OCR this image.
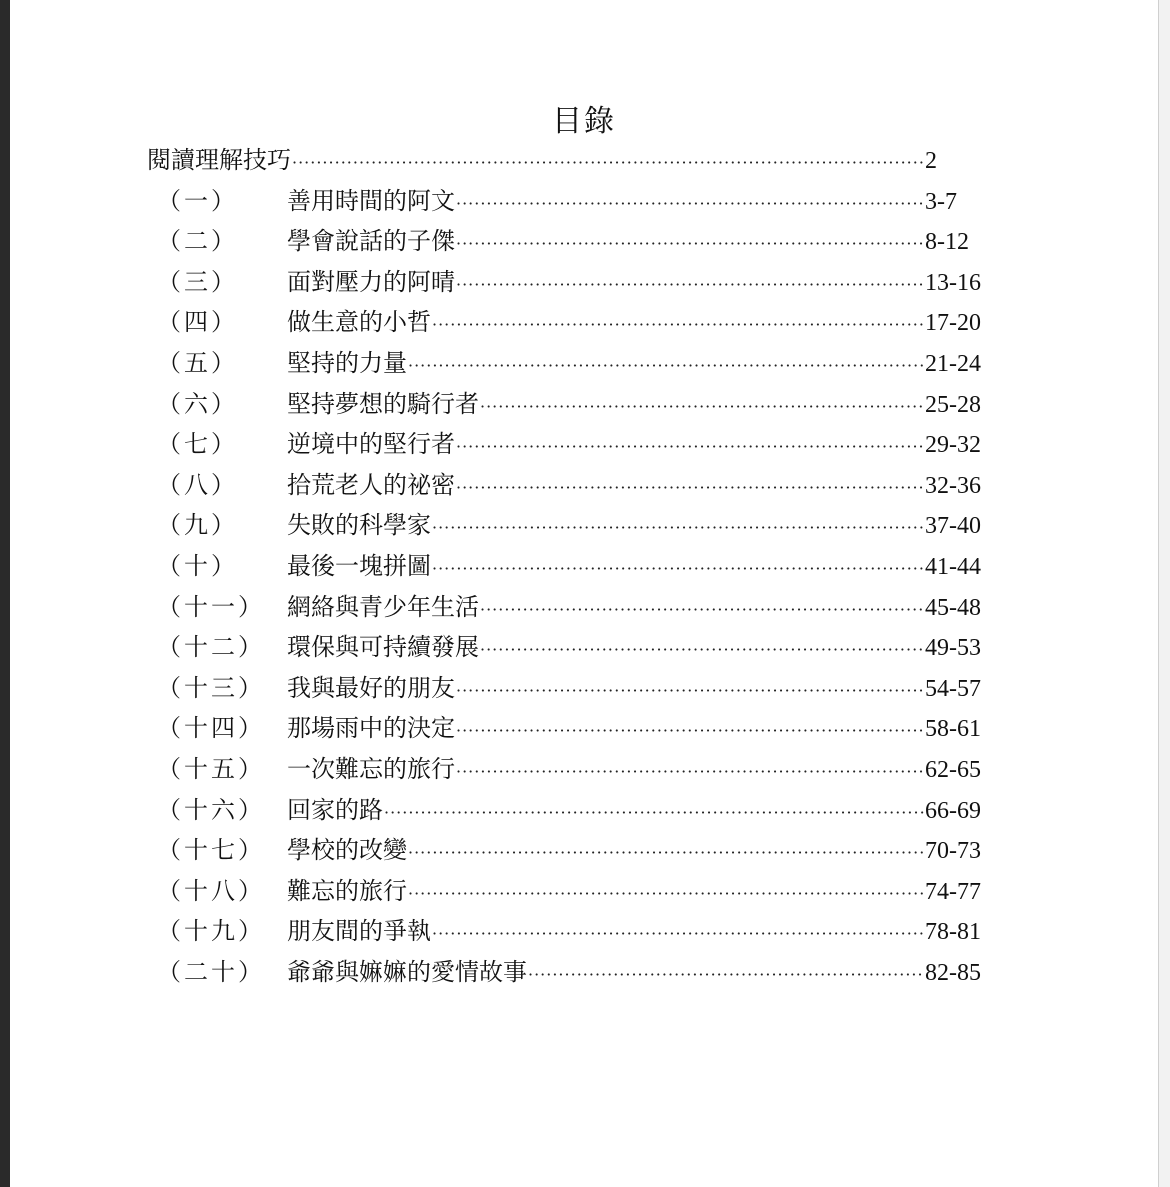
目錄
閱讀理解技巧 ·····	2
（一）	善用時間的阿文 ·····	3-7
（二）	學會說話的子傑 ·····	8-12
（三）	面對壓力的阿晴 ·····	13-16
（四）	做生意的小哲 ·····	17-20
（五）	堅持的力量 ·····	21-24
（六）	堅持夢想的騎行者 ·····	25-28
（七）	逆境中的堅行者 ·····	29-32
（八）	拾荒老人的祕密 ·····	32-36
（九）	失敗的科學家 ·····	37-40
（十）	最後一塊拼圖 ·····	41-44
（十一） 網絡與青少年生活 ·····	45-48
（十二） 環保與可持續發展 ·····	49-53
（十三） 我與最好的朋友 ·····	54-57
（十四） 那場雨中的決定 ·····	58-61
（十五） 一次難忘的旅行 ·····	62-65
（十六） 回家的路 ·····	66-69
（十七） 學校的改變 ·····	70-73
（十八） 難忘的旅行 ·····	74-77
（十九） 朋友間的爭執 ·····	78-81
（二十） 爺爺與嫲嫲的愛情故事 ·····	82-85
